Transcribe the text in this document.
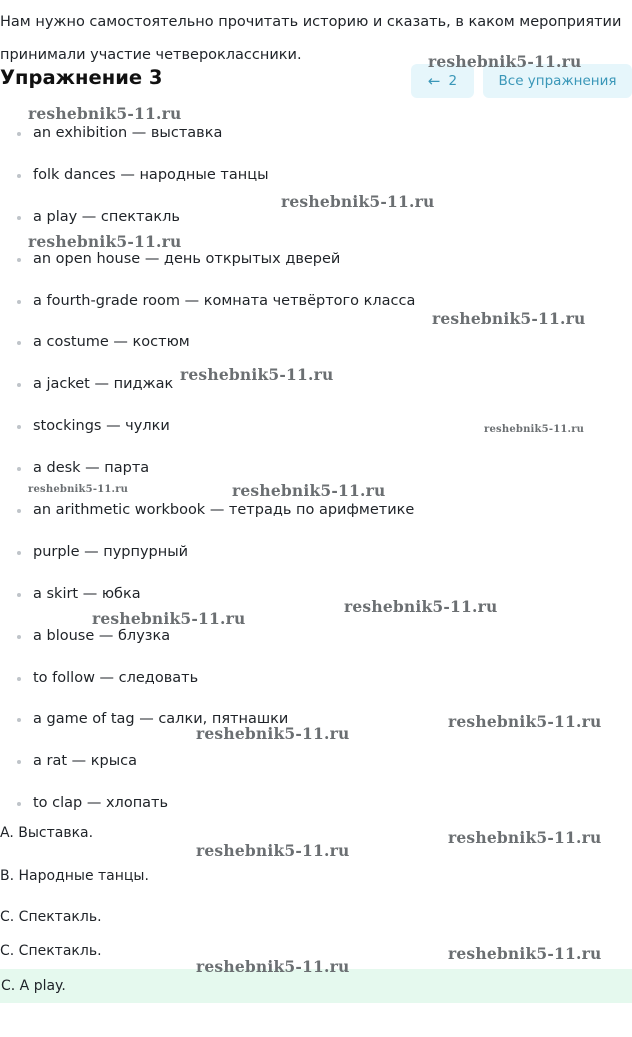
Нам нужно самостоятельно прочитать историю и сказать, в каком мероприятии принимали участие четвероклассники.
Упражнение 3	← 2	Все упражнения
an exhibition — выставка
folk dances — народные танцы
a play — спектакль
an open house — день открытых дверей
a fourth-grade room — комната четвёртого класса
a costume — костюм
a jacket — пиджак
stockings — чулки
a desk — парта
an arithmetic workbook — тетрадь по арифметике
purple — пурпурный
a skirt — юбка
a blouse — блузка
to follow — следовать
a game of tag — салки, пятнашки
a rat — крыса
to clap — хлопать
A. Выставка.
B. Народные танцы.
C. Спектакль.
C. Спектакль.
C. A play.
reshebnik5-11.ru
reshebnik5-11.ru
reshebnik5-11.ru
reshebnik5-11.ru
reshebnik5-11.ru
reshebnik5-11.ru
reshebnik5-11.ru
reshebnik5-11.ru	reshebnik5-11.ru
reshebnik5-11.ru
reshebnik5-11.ru
reshebnik5-11.ru
reshebnik5-11.ru
reshebnik5-11.ru
reshebnik5-11.ru
reshebnik5-11.ru
reshebnik5-11.ru
